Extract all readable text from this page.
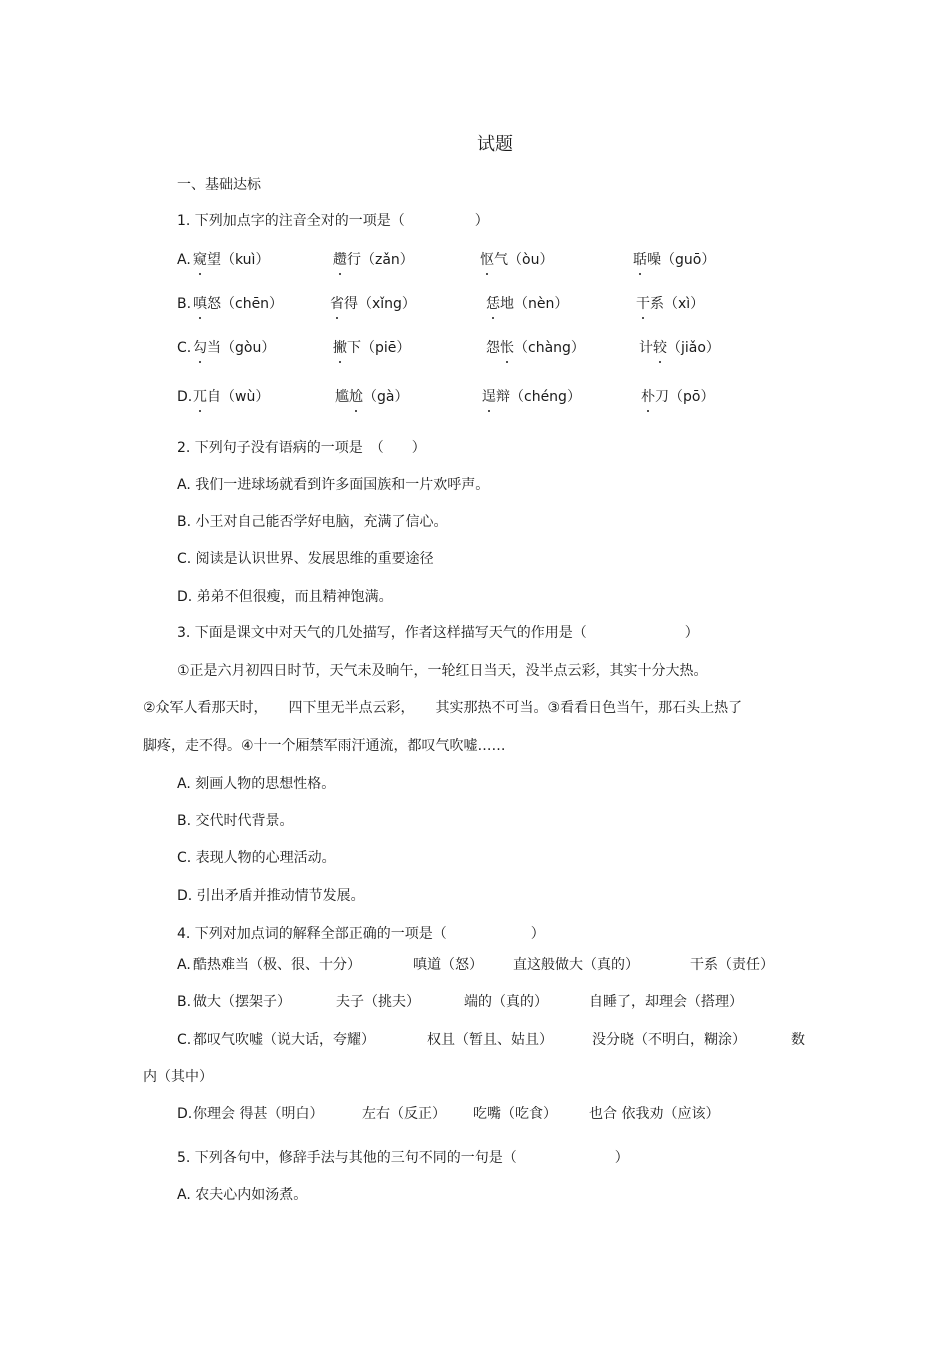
试题
一、基础达标
1. 下列加点字的注音全对的一项是（　　　　　）
A. 窥望（kuì）	趱行（zǎn）	怄气（òu）	聒噪（guō）
B. 嗔怒（chēn）	省得（xǐng）	恁地（nèn）	干系（xì）
C. 勾当（gòu）	撇下（piē）	怨怅（chàng）	计较（jiǎo）
D. 兀自（wù）	尴尬（gà）	逞辩（chéng）	朴刀（pō）
2. 下列句子没有语病的一项是　（　　）
A. 我们一进球场就看到许多面国族和一片欢呼声。
B. 小王对自己能否学好电脑，充满了信心。
C. 阅读是认识世界、发展思维的重要途径
D. 弟弟不但很瘦，而且精神饱满。
3. 下面是课文中对天气的几处描写，作者这样描写天气的作用是（　　　　　　　）
①正是六月初四日时节，天气未及晌午，一轮红日当天，没半点云彩，其实十分大热。
②众军人看那天时，　　四下里无半点云彩，　　其实那热不可当。③看看日色当午，那石头上热了
脚疼，走不得。④十一个厢禁军雨汗通流，都叹气吹嘘……
A. 刻画人物的思想性格。
B. 交代时代背景。
C. 表现人物的心理活动。
D. 引出矛盾并推动情节发展。
4. 下列对加点词的解释全部正确的一项是（　　　　　　）
A. 酷热难当（极、很、十分）	嗔道（怒） 直这般做大（真的）	干系（责任）
B. 做大（摆架子）	夫子（挑夫）	端的（真的）	自睡了，却理会（搭理）
C. 都叹气吹嘘（说大话，夸耀）	权且（暂且、姑且）	没分晓（不明白，糊涂）	数
内（其中）
D. 你理会 得甚（明白）	左右（反正） 吃嘴（吃食） 也合 依我劝（应该）
5. 下列各句中，修辞手法与其他的三句不同的一句是（　　　　　　　）
A. 农夫心内如汤煮。
